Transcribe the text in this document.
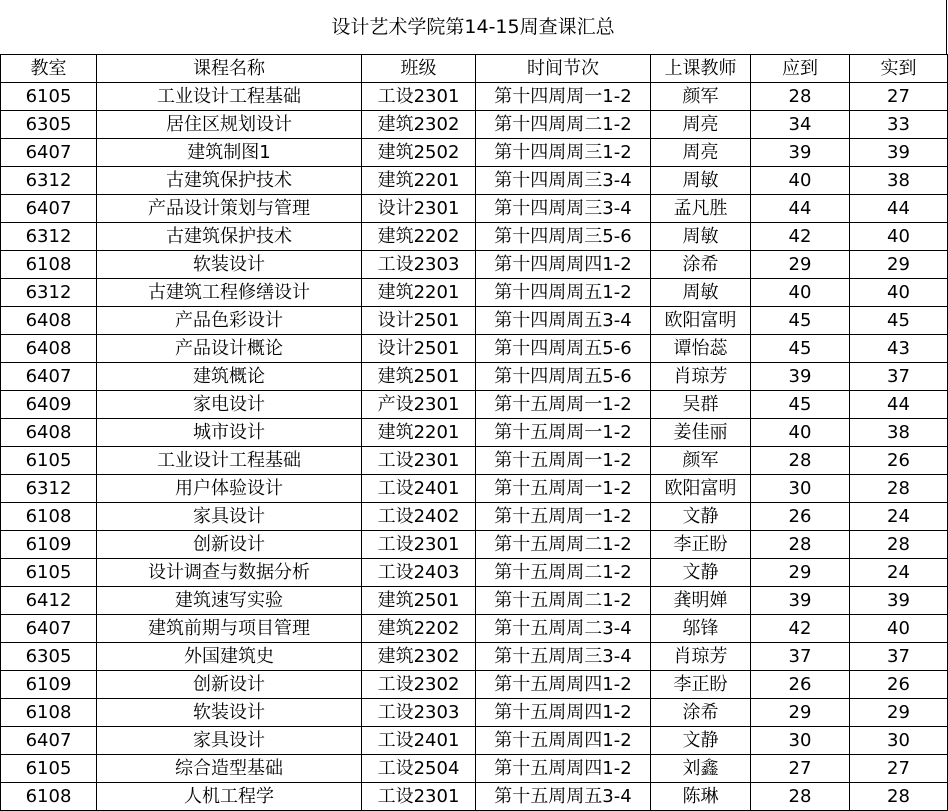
设计艺术学院第14-15周查课汇总
教室	课程名称	班级	时间节次	上课教师	应到	实到
6105	工业设计工程基础	工设2301	第十四周周一1-2	颜军	28	27
6305	居住区规划设计	建筑2302	第十四周周二1-2	周亮	34	33
6407	建筑制图1	建筑2502	第十四周周三1-2	周亮	39	39
6312	古建筑保护技术	建筑2201	第十四周周三3-4	周敏	40	38
6407	产品设计策划与管理	设计2301	第十四周周三3-4	孟凡胜	44	44
6312	古建筑保护技术	建筑2202	第十四周周三5-6	周敏	42	40
6108	软装设计	工设2303	第十四周周四1-2	涂希	29	29
6312	古建筑工程修缮设计	建筑2201	第十四周周五1-2	周敏	40	40
6408	产品色彩设计	设计2501	第十四周周五3-4	欧阳富明	45	45
6408	产品设计概论	设计2501	第十四周周五5-6	谭怡蕊	45	43
6407	建筑概论	建筑2501	第十四周周五5-6	肖琼芳	39	37
6409	家电设计	产设2301	第十五周周一1-2	吴群	45	44
6408	城市设计	建筑2201	第十五周周一1-2	姜佳丽	40	38
6105	工业设计工程基础	工设2301	第十五周周一1-2	颜军	28	26
6312	用户体验设计	工设2401	第十五周周一1-2	欧阳富明	30	28
6108	家具设计	工设2402	第十五周周一1-2	文静	26	24
6109	创新设计	工设2301	第十五周周二1-2	李正盼	28	28
6105	设计调查与数据分析	工设2403	第十五周周二1-2	文静	29	24
6412	建筑速写实验	建筑2501	第十五周周二1-2	龚明婵	39	39
6407	建筑前期与项目管理	建筑2202	第十五周周二3-4	邬锋	42	40
6305	外国建筑史	建筑2302	第十五周周三3-4	肖琼芳	37	37
6109	创新设计	工设2302	第十五周周四1-2	李正盼	26	26
6108	软装设计	工设2303	第十五周周四1-2	涂希	29	29
6407	家具设计	工设2401	第十五周周四1-2	文静	30	30
6105	综合造型基础	工设2504	第十五周周四1-2	刘鑫	27	27
6108	人机工程学	工设2301	第十五周周五3-4	陈琳	28	28
